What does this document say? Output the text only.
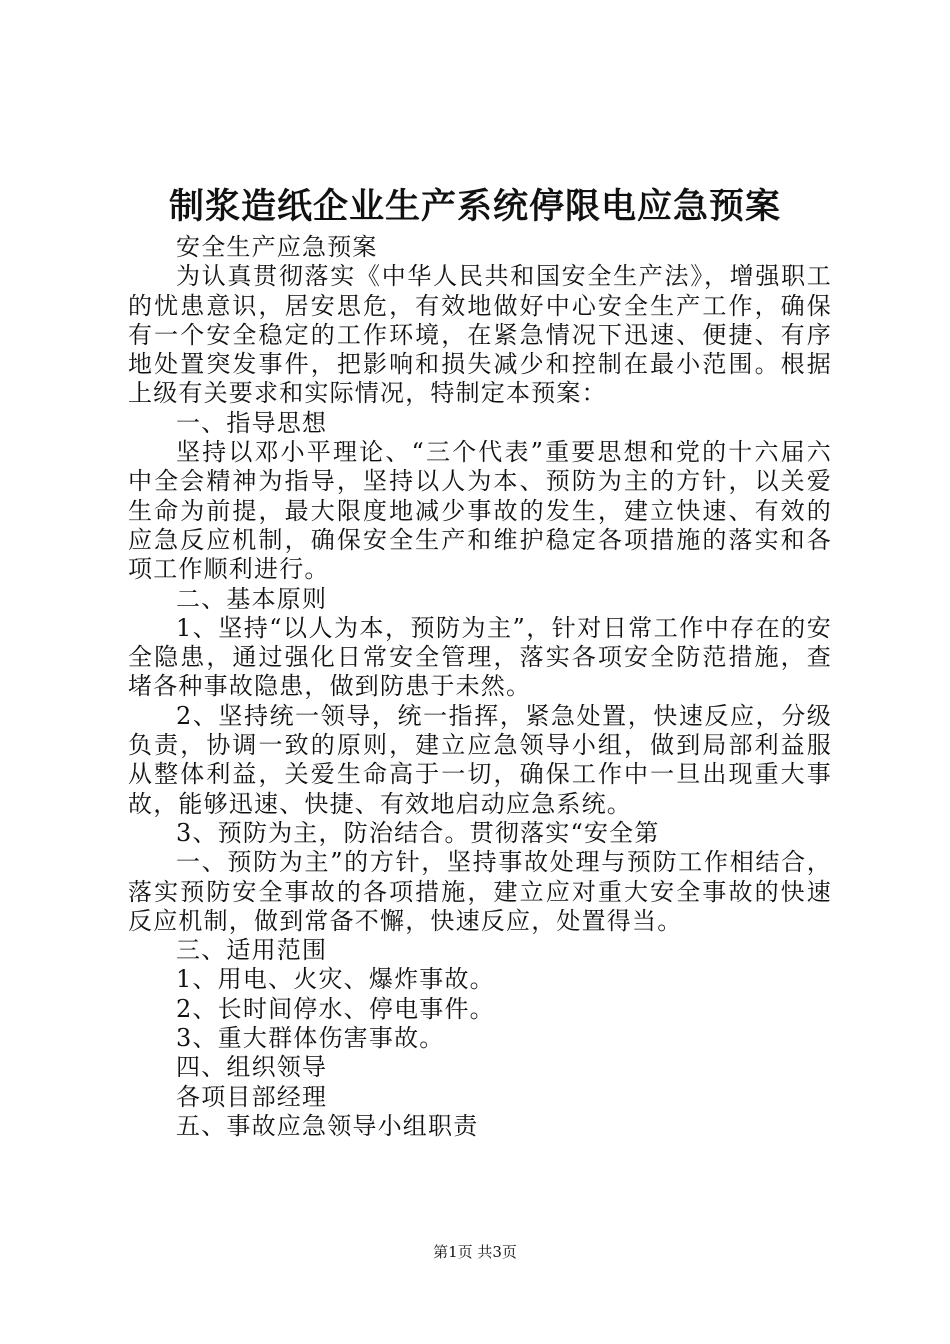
制浆造纸企业生产系统停限电应急预案

安全生产应急预案

为认真贯彻落实《中华人民共和国安全生产法》，增强职工的忧患意识，居安思危，有效地做好中心安全生产工作，确保有一个安全稳定的工作环境，在紧急情况下迅速、便捷、有序地处置突发事件，把影响和损失减少和控制在最小范围。根据上级有关要求和实际情况，特制定本预案：

一、指导思想

坚持以邓小平理论、“三个代表”重要思想和党的十六届六中全会精神为指导，坚持以人为本、预防为主的方针，以关爱生命为前提，最大限度地减少事故的发生，建立快速、有效的应急反应机制，确保安全生产和维护稳定各项措施的落实和各项工作顺利进行。

二、基本原则

1、坚持“以人为本，预防为主”，针对日常工作中存在的安全隐患，通过强化日常安全管理，落实各项安全防范措施，查堵各种事故隐患，做到防患于未然。

2、坚持统一领导，统一指挥，紧急处置，快速反应，分级负责，协调一致的原则，建立应急领导小组，做到局部利益服从整体利益，关爱生命高于一切，确保工作中一旦出现重大事故，能够迅速、快捷、有效地启动应急系统。

3、预防为主，防治结合。贯彻落实“安全第

一、预防为主”的方针，坚持事故处理与预防工作相结合，落实预防安全事故的各项措施，建立应对重大安全事故的快速反应机制，做到常备不懈，快速反应，处置得当。

三、适用范围

1、用电、火灾、爆炸事故。

2、长时间停水、停电事件。

3、重大群体伤害事故。

四、组织领导

各项目部经理

五、事故应急领导小组职责

第1页 共3页
